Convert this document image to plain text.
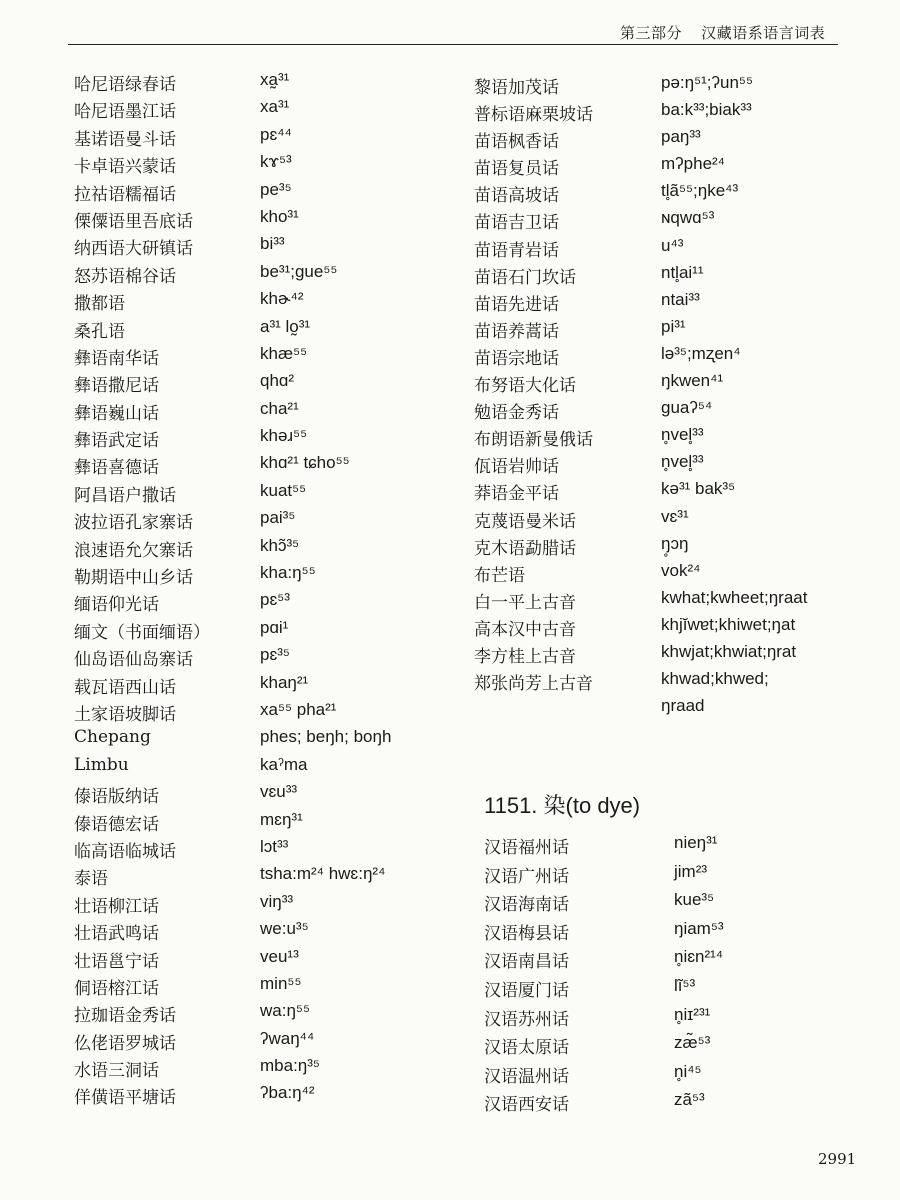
第三部分 汉藏语系语言词表
哈尼语绿春话	xa̰³¹
哈尼语墨江话	xa³¹
基诺语曼斗话	pɛ⁴⁴
卡卓语兴蒙话	kɤ⁵³
拉祜语糯福话	pe³⁵
傈僳语里吾底话	kho³¹
纳西语大研镇话	bi³³
怒苏语棉谷话	be³¹;gue⁵⁵
撒都语	khɚ⁴²
桑孔语	a³¹ lo̰³¹
彝语南华话	khæ⁵⁵
彝语撒尼话	qhɑ²
彝语巍山话	cha²¹
彝语武定话	khəɹ⁵⁵
彝语喜德话	khɑ²¹ tɕho⁵⁵
阿昌语户撒话	kuat⁵⁵
波拉语孔家寨话	pai³⁵
浪速语允欠寨话	khɔ̃³⁵
勒期语中山乡话	kha:ŋ⁵⁵
缅语仰光话	pɛ⁵³
缅文（书面缅语）	pɑi¹
仙岛语仙岛寨话	pɛ³⁵
载瓦语西山话	khaŋ²¹
土家语坡脚话	xa⁵⁵ pha²¹
Chepang	phes; beŋh; boŋh
Limbu	kaˀma
傣语版纳话	vɛu³³
傣语德宏话	mɛŋ³¹
临高语临城话	lɔt³³
泰语	tsha:m²⁴ hwɛ:ŋ²⁴
壮语柳江话	viŋ³³
壮语武鸣话	we:u³⁵
壮语邕宁话	veu¹³
侗语榕江话	min⁵⁵
拉珈语金秀话	wa:ŋ⁵⁵
仫佬语罗城话	ʔwaŋ⁴⁴
水语三洞话	mba:ŋ³⁵
佯僙语平塘话	ʔba:ŋ⁴²
黎语加茂话	pə:ŋ⁵¹;ʔun⁵⁵
普标语麻栗坡话	ba:k³³;biak³³
苗语枫香话	paŋ³³
苗语复员话	mʔphe²⁴
苗语高坡话	tl̥ã⁵⁵;ŋke⁴³
苗语吉卫话	ɴqwɑ⁵³
苗语青岩话	u⁴³
苗语石门坎话	ntl̥ai¹¹
苗语先进话	ntai³³
苗语养蒿话	pi³¹
苗语宗地话	lə³⁵;mʐen⁴
布努语大化话	ŋkwen⁴¹
勉语金秀话	guaʔ⁵⁴
布朗语新曼俄话	n̥vel̥³³
佤语岩帅话	n̥vel̥³³
莽语金平话	kə³¹ bak³⁵
克蔑语曼米话	vɛ³¹
克木语勐腊话	ŋ̥ɔŋ
布芒语	vok²⁴
白一平上古音	kwhat;kwheet;ŋraat
高本汉中古音	khjĭwɐt;khiwet;ŋat
李方桂上古音	khwjat;khwiat;ŋrat
郑张尚芳上古音	khwad;khwed;
ŋraad
1151. 染(to dye)
汉语福州话	nieŋ³¹
汉语广州话	jim²³
汉语海南话	kue³⁵
汉语梅县话	ŋiam⁵³
汉语南昌话	n̥iɛn²¹⁴
汉语厦门话	lĩ⁵³
汉语苏州话	n̥iɪ²³¹
汉语太原话	zæ̃⁵³
汉语温州话	n̥i⁴⁵
汉语西安话	zã⁵³
2991
